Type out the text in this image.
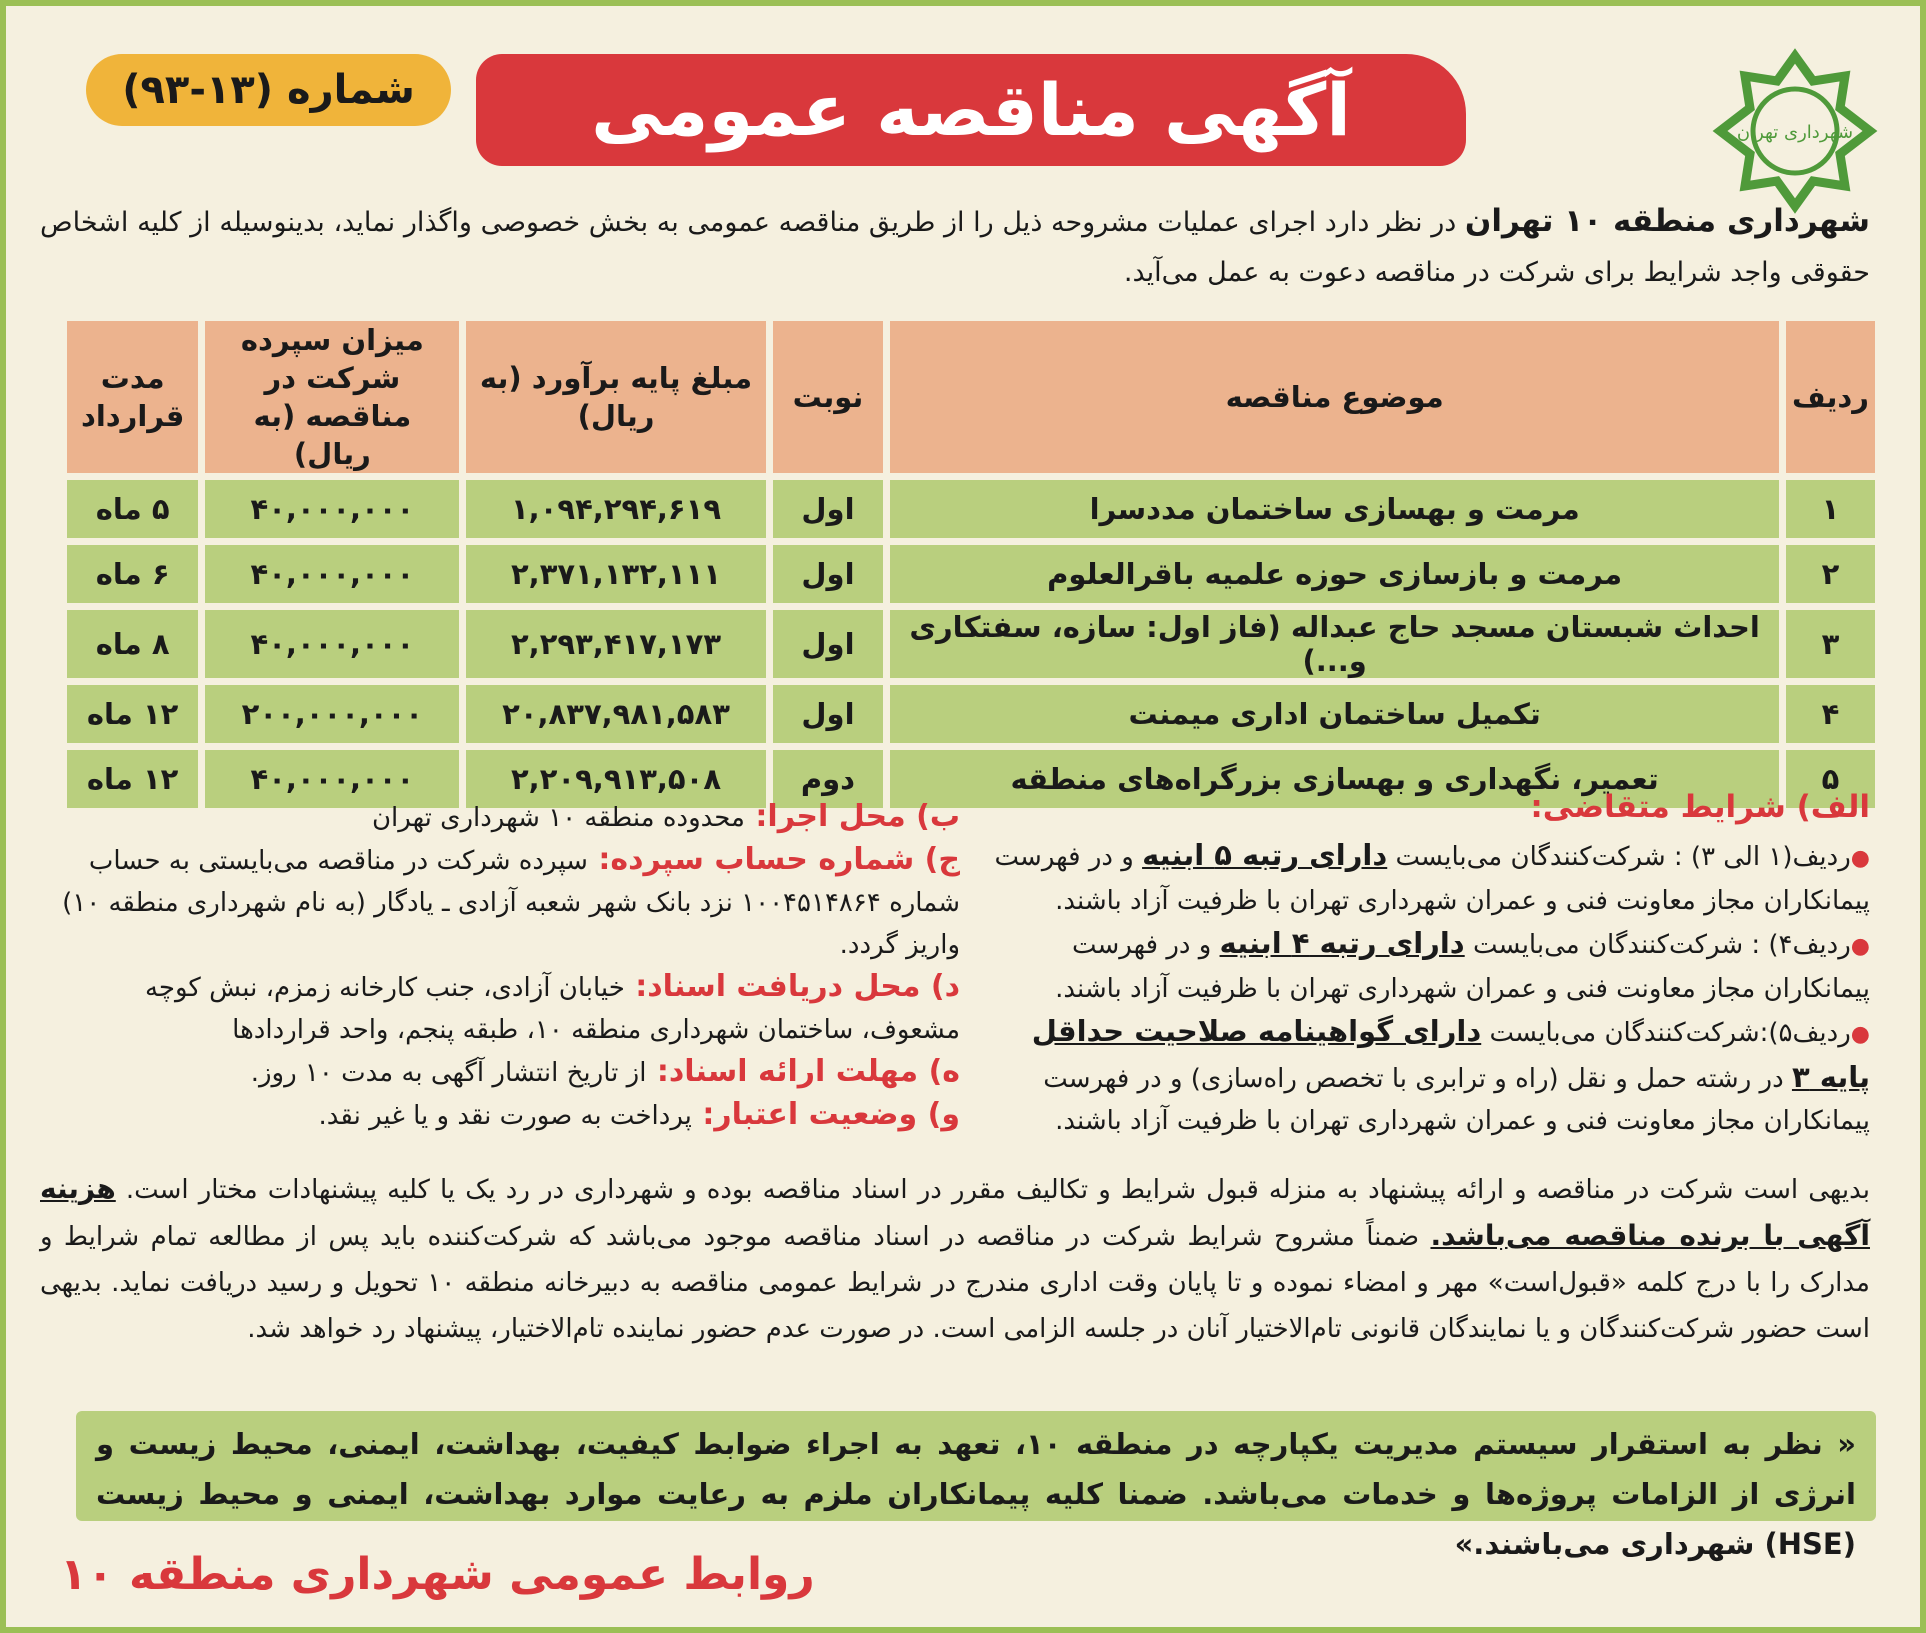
شهرداری تهران
آگهی مناقصه عمومی
شماره (۱۳-۹۳)
شهرداری منطقه ۱۰ تهران در نظر دارد اجرای عملیات مشروحه ذیل را از طریق مناقصه عمومی به بخش خصوصی واگذار نماید، بدینوسیله از کلیه اشخاص حقوقی واجد شرایط برای شرکت در مناقصه دعوت به عمل می‌آید.
ردیف	موضوع مناقصه	نوبت	مبلغ پایه برآورد (به ریال)	میزان سپرده شرکت در مناقصه (به ریال)	مدت قرارداد
۱	مرمت و بهسازی ساختمان مددسرا	اول	۱,۰۹۴,۲۹۴,۶۱۹	۴۰,۰۰۰,۰۰۰	۵ ماه
۲	مرمت و بازسازی حوزه علمیه باقرالعلوم	اول	۲,۳۷۱,۱۳۲,۱۱۱	۴۰,۰۰۰,۰۰۰	۶ ماه
۳	احداث شبستان مسجد حاج عبداله (فاز اول: سازه، سفتکاری و...)	اول	۲,۲۹۳,۴۱۷,۱۷۳	۴۰,۰۰۰,۰۰۰	۸ ماه
۴	تکمیل ساختمان اداری میمنت	اول	۲۰,۸۳۷,۹۸۱,۵۸۳	۲۰۰,۰۰۰,۰۰۰	۱۲ ماه
۵	تعمیر، نگهداری و بهسازی بزرگراه‌های منطقه	دوم	۲,۲۰۹,۹۱۳,۵۰۸	۴۰,۰۰۰,۰۰۰	۱۲ ماه
الف) شرایط متقاضی:
●ردیف(۱ الی ۳) : شرکت‌کنندگان می‌بایست دارای رتبه ۵ ابنیه و در فهرست پیمانکاران مجاز معاونت فنی و عمران شهرداری تهران با ظرفیت آزاد باشند.
●ردیف۴) : شرکت‌کنندگان می‌بایست دارای رتبه ۴ ابنیه و در فهرست پیمانکاران مجاز معاونت فنی و عمران شهرداری تهران با ظرفیت آزاد باشند.
●ردیف۵):شرکت‌کنندگان می‌بایست دارای گواهینامه صلاحیت حداقل پایه ۳ در رشته حمل و نقل (راه و ترابری با تخصص راه‌سازی) و در فهرست پیمانکاران مجاز معاونت فنی و عمران شهرداری تهران با ظرفیت آزاد باشند.
ب) محل اجرا: محدوده منطقه ۱۰ شهرداری تهران
ج) شماره حساب سپرده: سپرده شرکت در مناقصه می‌بایستی به حساب شماره ۱۰۰۴۵۱۴۸۶۴ نزد بانک شهر شعبه آزادی ـ یادگار (به نام شهرداری منطقه ۱۰) واریز گردد.
د) محل دریافت اسناد: خیابان آزادی، جنب کارخانه زمزم، نبش کوچه مشعوف، ساختمان شهرداری منطقه ۱۰، طبقه پنجم، واحد قراردادها
ه) مهلت ارائه اسناد: از تاریخ انتشار آگهی به مدت ۱۰ روز.
و) وضعیت اعتبار: پرداخت به صورت نقد و یا غیر نقد.
بدیهی است شرکت در مناقصه و ارائه پیشنهاد به منزله قبول شرایط و تکالیف مقرر در اسناد مناقصه بوده و شهرداری در رد یک یا کلیه پیشنهادات مختار است. هزینه آگهی با برنده مناقصه می‌باشد. ضمناً مشروح شرایط شرکت در مناقصه در اسناد مناقصه موجود می‌باشد که شرکت‌کننده باید پس از مطالعه تمام شرایط و مدارک را با درج کلمه «قبول‌است» مهر و امضاء نموده و تا پایان وقت اداری مندرج در شرایط عمومی مناقصه به دبیرخانه منطقه ۱۰ تحویل و رسید دریافت نماید. بدیهی است حضور شرکت‌کنندگان و یا نمایندگان قانونی تام‌الاختیار آنان در جلسه الزامی است. در صورت عدم حضور نماینده تام‌الاختیار، پیشنهاد رد خواهد شد.
« نظر به استقرار سیستم مدیریت یکپارچه در منطقه ۱۰، تعهد به اجراء ضوابط کیفیت، بهداشت، ایمنی، محیط زیست و انرژی از الزامات پروژه‌ها و خدمات می‌باشد. ضمنا کلیه پیمانکاران ملزم به رعایت موارد بهداشت، ایمنی و محیط زیست (HSE) شهرداری می‌باشند.»
روابط عمومی شهرداری منطقه ۱۰
